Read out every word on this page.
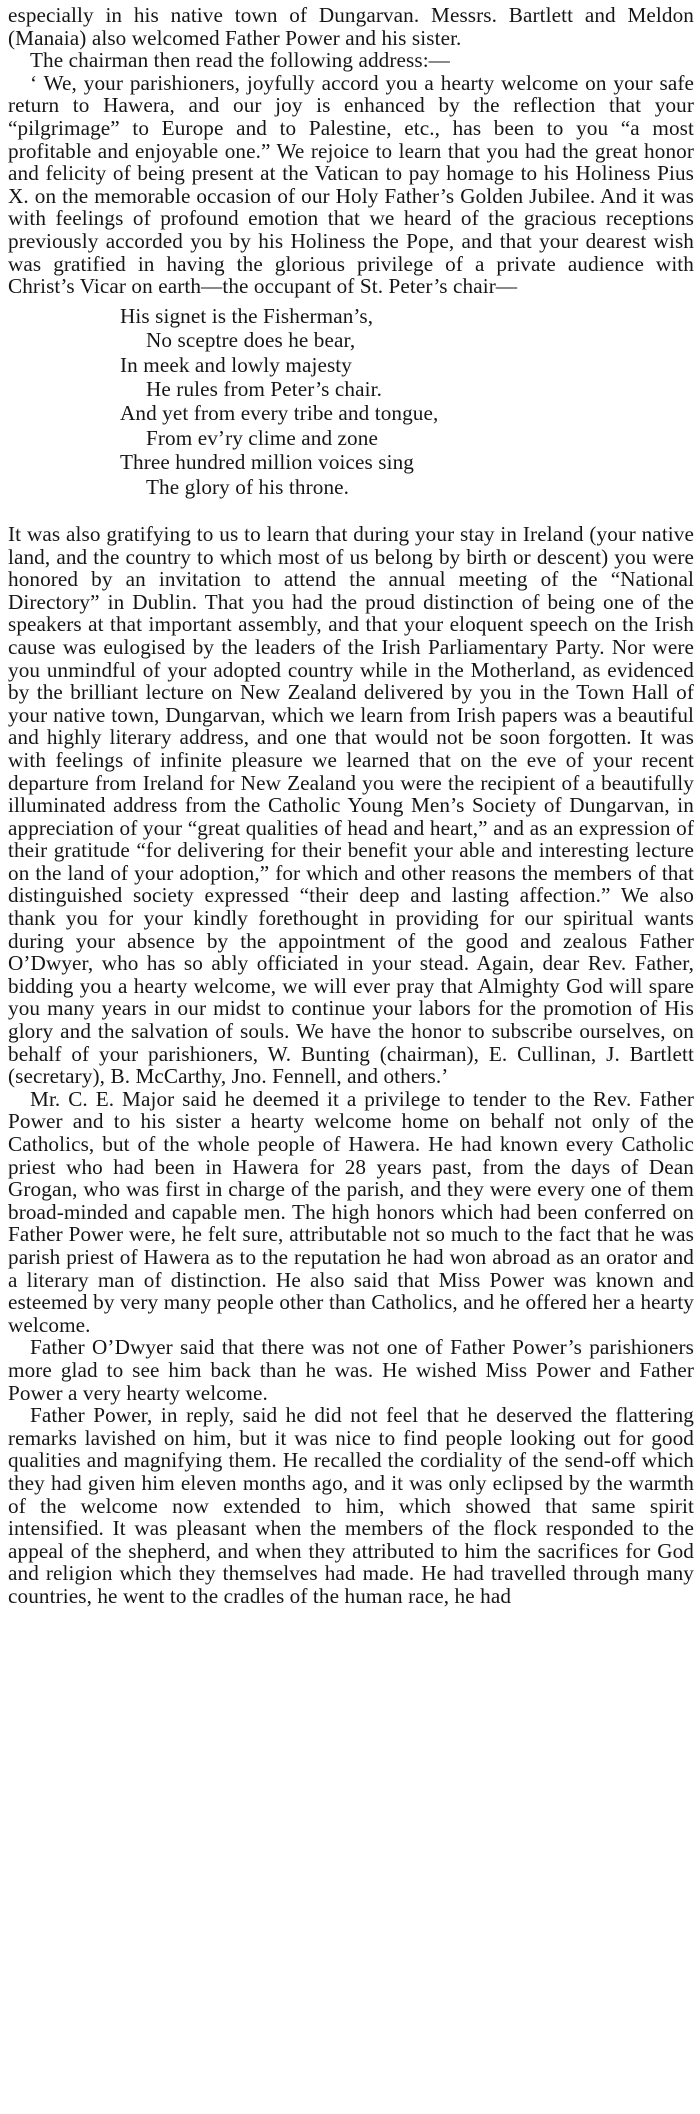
especially in his native town of Dungarvan. Messrs. Bartlett and Meldon (Manaia) also welcomed Father Power and his sister.

The chairman then read the following address:—

‘ We, your parishioners, joyfully accord you a hearty welcome on your safe return to Hawera, and our joy is enhanced by the reflection that your “pilgrimage” to Europe and to Palestine, etc., has been to you “a most profitable and enjoyable one.” We rejoice to learn that you had the great honor and felicity of being present at the Vatican to pay homage to his Holiness Pius X. on the memorable occasion of our Holy Father’s Golden Jubilee. And it was with feelings of profound emotion that we heard of the gracious receptions previously accorded you by his Holiness the Pope, and that your dearest wish was gratified in having the glorious privilege of a private audience with Christ’s Vicar on earth—the occupant of St. Peter’s chair—

His signet is the Fisherman’s,
No sceptre does he bear,
In meek and lowly majesty
He rules from Peter’s chair.
And yet from every tribe and tongue,
From ev’ry clime and zone
Three hundred million voices sing
The glory of his throne.

It was also gratifying to us to learn that during your stay in Ireland (your native land, and the country to which most of us belong by birth or descent) you were honored by an invitation to attend the annual meeting of the “National Directory” in Dublin. That you had the proud distinction of being one of the speakers at that important assembly, and that your eloquent speech on the Irish cause was eulogised by the leaders of the Irish Parliamentary Party. Nor were you unmindful of your adopted country while in the Motherland, as evidenced by the brilliant lecture on New Zealand delivered by you in the Town Hall of your native town, Dungarvan, which we learn from Irish papers was a beautiful and highly literary address, and one that would not be soon forgotten. It was with feelings of infinite pleasure we learned that on the eve of your recent departure from Ireland for New Zealand you were the recipient of a beautifully illuminated address from the Catholic Young Men’s Society of Dungarvan, in appreciation of your “great qualities of head and heart,” and as an expression of their gratitude “for delivering for their benefit your able and interesting lecture on the land of your adoption,” for which and other reasons the members of that distinguished society expressed “their deep and lasting affection.” We also thank you for your kindly forethought in providing for our spiritual wants during your absence by the appointment of the good and zealous Father O’Dwyer, who has so ably officiated in your stead. Again, dear Rev. Father, bidding you a hearty welcome, we will ever pray that Almighty God will spare you many years in our midst to continue your labors for the promotion of His glory and the salvation of souls. We have the honor to subscribe ourselves, on behalf of your parishioners, W. Bunting (chairman), E. Cullinan, J. Bartlett (secretary), B. McCarthy, Jno. Fennell, and others.’

Mr. C. E. Major said he deemed it a privilege to tender to the Rev. Father Power and to his sister a hearty welcome home on behalf not only of the Catholics, but of the whole people of Hawera. He had known every Catholic priest who had been in Hawera for 28 years past, from the days of Dean Grogan, who was first in charge of the parish, and they were every one of them broad-minded and capable men. The high honors which had been conferred on Father Power were, he felt sure, attributable not so much to the fact that he was parish priest of Hawera as to the reputation he had won abroad as an orator and a literary man of distinction. He also said that Miss Power was known and esteemed by very many people other than Catholics, and he offered her a hearty welcome.

Father O’Dwyer said that there was not one of Father Power’s parishioners more glad to see him back than he was. He wished Miss Power and Father Power a very hearty welcome.

Father Power, in reply, said he did not feel that he deserved the flattering remarks lavished on him, but it was nice to find people looking out for good qualities and magnifying them. He recalled the cordiality of the send-off which they had given him eleven months ago, and it was only eclipsed by the warmth of the welcome now extended to him, which showed that same spirit intensified. It was pleasant when the members of the flock responded to the appeal of the shepherd, and when they attributed to him the sacrifices for God and religion which they themselves had made. He had travelled through many countries, he went to the cradles of the human race, he had
